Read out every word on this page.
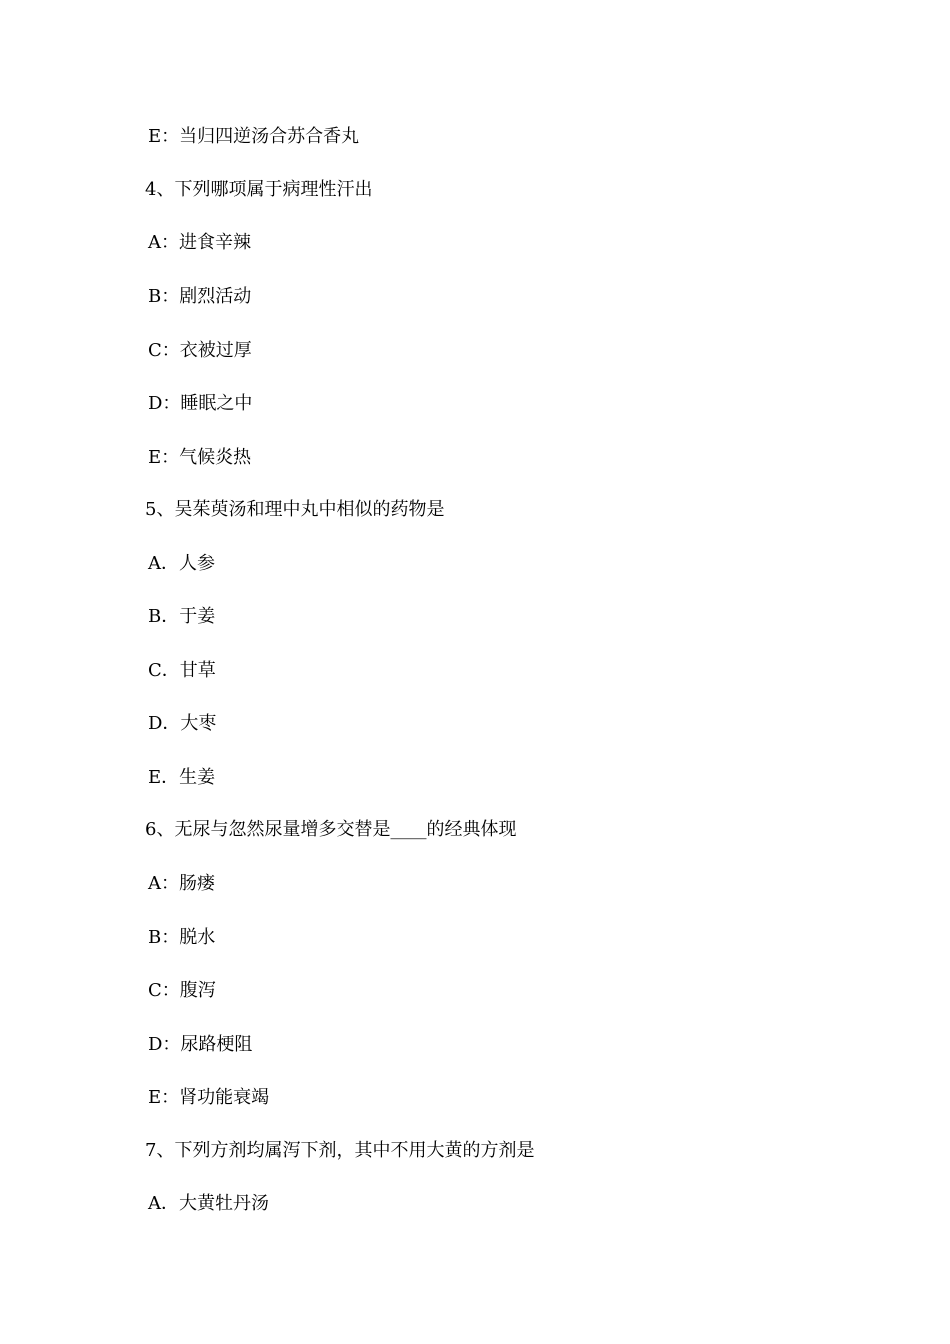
E：当归四逆汤合苏合香丸
4、下列哪项属于病理性汗出
A：进食辛辣
B：剧烈活动
C：衣被过厚
D：睡眠之中
E：气候炎热
5、吴茱萸汤和理中丸中相似的药物是
A．人参
B．于姜
C．甘草
D．大枣
E．生姜
6、无尿与忽然尿量增多交替是____的经典体现
A：肠瘘
B：脱水
C：腹泻
D：尿路梗阻
E：肾功能衰竭
7、下列方剂均属泻下剂，其中不用大黄的方剂是
A．大黄牡丹汤
